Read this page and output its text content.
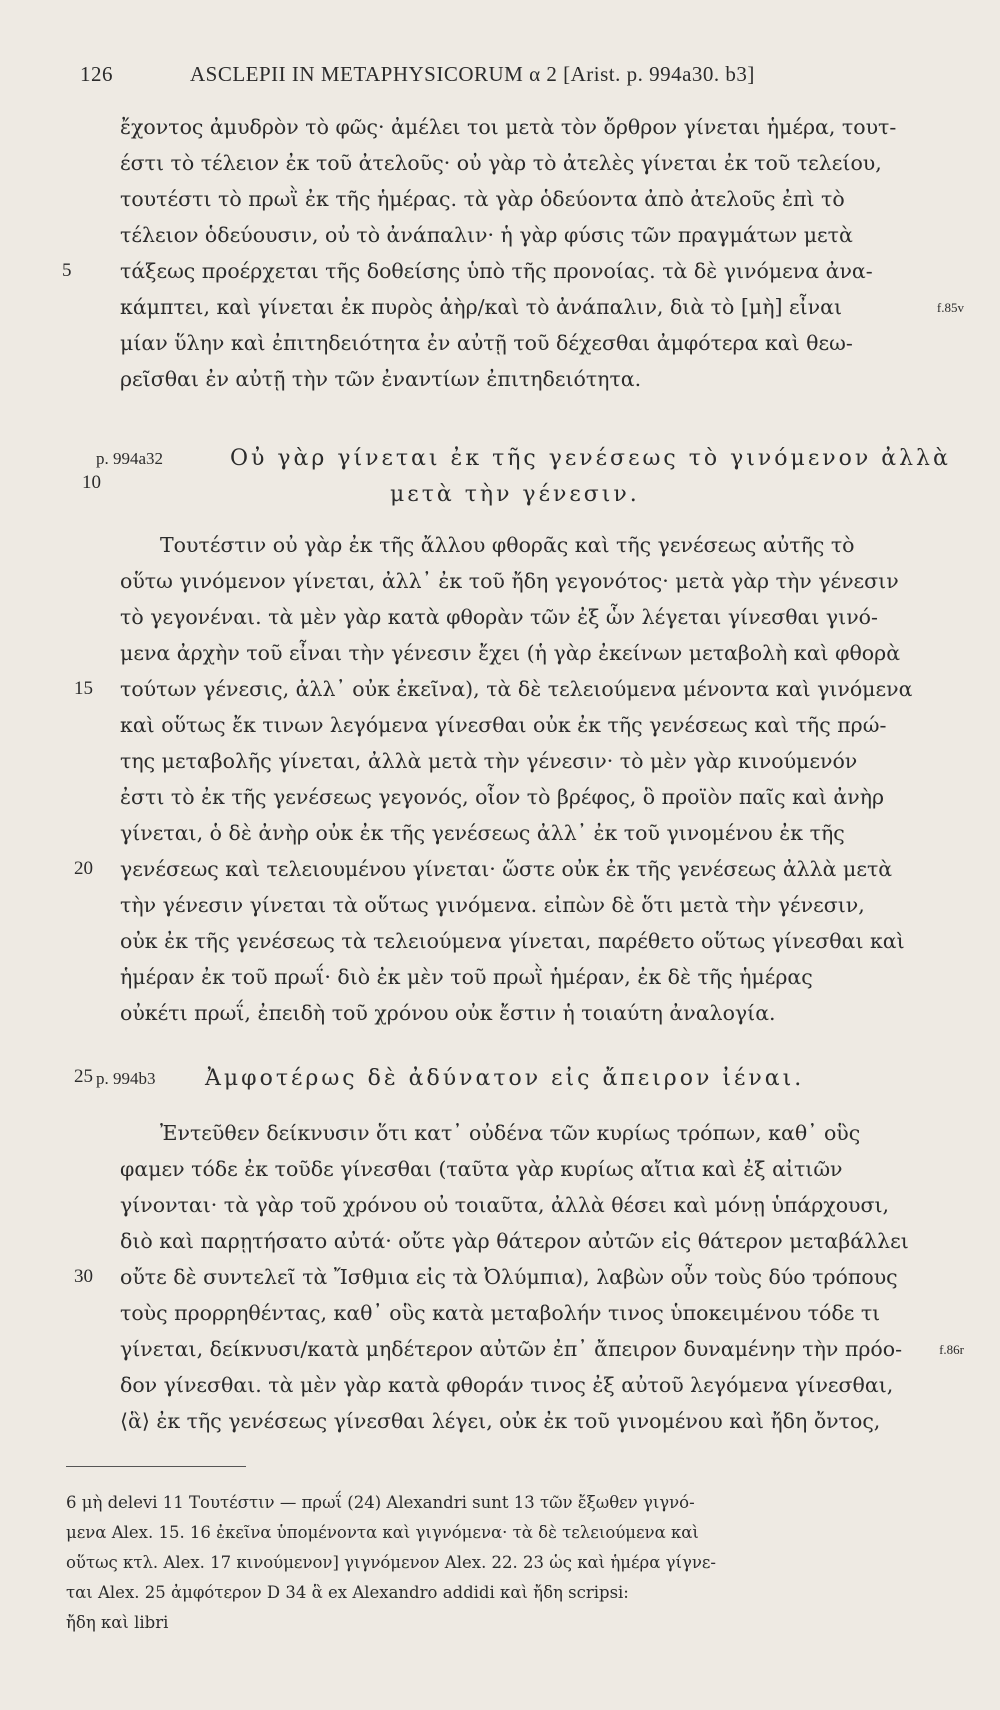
126	ASCLEPII IN METAPHYSICORUM α 2 [Arist. p. 994a30. b3]
ἔχοντος ἀμυδρὸν τὸ φῶς· ἀμέλει τοι μετὰ τὸν ὄρθρον γίνεται ἡμέρα, τουτ-
έστι τὸ τέλειον ἐκ τοῦ ἀτελοῦς· οὐ γὰρ τὸ ἀτελὲς γίνεται ἐκ τοῦ τελείου,
τουτέστι τὸ πρωῒ ἐκ τῆς ἡμέρας. τὰ γὰρ ὁδεύοντα ἀπὸ ἀτελοῦς ἐπὶ τὸ
τέλειον ὁδεύουσιν, οὐ τὸ ἀνάπαλιν· ἡ γὰρ φύσις τῶν πραγμάτων μετὰ
τάξεως προέρχεται τῆς δοθείσης ὑπὸ τῆς προνοίας. τὰ δὲ γινόμενα ἀνα-
κάμπτει, καὶ γίνεται ἐκ πυρὸς ἀὴρ/καὶ τὸ ἀνάπαλιν, διὰ τὸ [μὴ] εἶναι
μίαν ὕλην καὶ ἐπιτηδειότητα ἐν αὐτῇ τοῦ δέχεσθαι ἀμφότερα καὶ θεω-
ρεῖσθαι ἐν αὐτῇ τὴν τῶν ἐναντίων ἐπιτηδειότητα.
p. 994a32	Οὐ γὰρ γίνεται ἐκ τῆς γενέσεως τὸ γινόμενον ἀλλὰ
μετὰ τὴν γένεσιν.
Τουτέστιν οὐ γὰρ ἐκ τῆς ἄλλου φθορᾶς καὶ τῆς γενέσεως αὐτῆς τὸ
οὕτω γινόμενον γίνεται, ἀλλ᾽ ἐκ τοῦ ἤδη γεγονότος· μετὰ γὰρ τὴν γένεσιν
τὸ γεγονέναι. τὰ μὲν γὰρ κατὰ φθορὰν τῶν ἐξ ὧν λέγεται γίνεσθαι γινό-
μενα ἀρχὴν τοῦ εἶναι τὴν γένεσιν ἔχει (ἡ γὰρ ἐκείνων μεταβολὴ καὶ φθορὰ
τούτων γένεσις, ἀλλ᾽ οὐκ ἐκεῖνα), τὰ δὲ τελειούμενα μένοντα καὶ γινόμενα
καὶ οὕτως ἔκ τινων λεγόμενα γίνεσθαι οὐκ ἐκ τῆς γενέσεως καὶ τῆς πρώ-
της μεταβολῆς γίνεται, ἀλλὰ μετὰ τὴν γένεσιν· τὸ μὲν γὰρ κινούμενόν
ἐστι τὸ ἐκ τῆς γενέσεως γεγονός, οἷον τὸ βρέφος, ὃ προϊὸν παῖς καὶ ἀνὴρ
γίνεται, ὁ δὲ ἀνὴρ οὐκ ἐκ τῆς γενέσεως ἀλλ᾽ ἐκ τοῦ γινομένου ἐκ τῆς
γενέσεως καὶ τελειουμένου γίνεται· ὥστε οὐκ ἐκ τῆς γενέσεως ἀλλὰ μετὰ
τὴν γένεσιν γίνεται τὰ οὕτως γινόμενα. εἰπὼν δὲ ὅτι μετὰ τὴν γένεσιν,
οὐκ ἐκ τῆς γενέσεως τὰ τελειούμενα γίνεται, παρέθετο οὕτως γίνεσθαι καὶ
ἡμέραν ἐκ τοῦ πρωΐ· διὸ ἐκ μὲν τοῦ πρωῒ ἡμέραν, ἐκ δὲ τῆς ἡμέρας
οὐκέτι πρωΐ, ἐπειδὴ τοῦ χρόνου οὐκ ἔστιν ἡ τοιαύτη ἀναλογία.
p. 994b3 Ἀμφοτέρως δὲ ἀδύνατον εἰς ἄπειρον ἰέναι.
Ἐντεῦθεν δείκνυσιν ὅτι κατ᾽ οὐδένα τῶν κυρίως τρόπων, καθ᾽ οὓς
φαμεν τόδε ἐκ τοῦδε γίνεσθαι (ταῦτα γὰρ κυρίως αἴτια καὶ ἐξ αἰτιῶν
γίνονται· τὰ γὰρ τοῦ χρόνου οὐ τοιαῦτα, ἀλλὰ θέσει καὶ μόνῃ ὑπάρχουσι,
διὸ καὶ παρῃτήσατο αὐτά· οὔτε γὰρ θάτερον αὐτῶν εἰς θάτερον μεταβάλλει
οὔτε δὲ συντελεῖ τὰ Ἴσθμια εἰς τὰ Ὀλύμπια), λαβὼν οὖν τοὺς δύο τρόπους
τοὺς προρρηθέντας, καθ᾽ οὓς κατὰ μεταβολήν τινος ὑποκειμένου τόδε τι
γίνεται, δείκνυσι/κατὰ μηδέτερον αὐτῶν ἐπ᾽ ἄπειρον δυναμένην τὴν πρόο-
δον γίνεσθαι. τὰ μὲν γὰρ κατὰ φθοράν τινος ἐξ αὐτοῦ λεγόμενα γίνεσθαι,
⟨ἃ⟩ ἐκ τῆς γενέσεως γίνεσθαι λέγει, οὐκ ἐκ τοῦ γινομένου καὶ ἤδη ὄντος,
5
10
15
20
25
30
f.85v
f.86r
6 μὴ delevi 11 Τουτέστιν — πρωΐ (24) Alexandri sunt 13 τῶν ἔξωθεν γιγνό-
μενα Alex. 15. 16 ἐκεῖνα ὑπομένοντα καὶ γιγνόμενα· τὰ δὲ τελειούμενα καὶ
οὕτως κτλ. Alex. 17 κινούμενον] γιγνόμενον Alex. 22. 23 ὡς καὶ ἡμέρα γίγνε-
ται Alex. 25 ἀμφότερον D 34 ἃ ex Alexandro addidi καὶ ἤδη scripsi:
ἤδη καὶ libri
